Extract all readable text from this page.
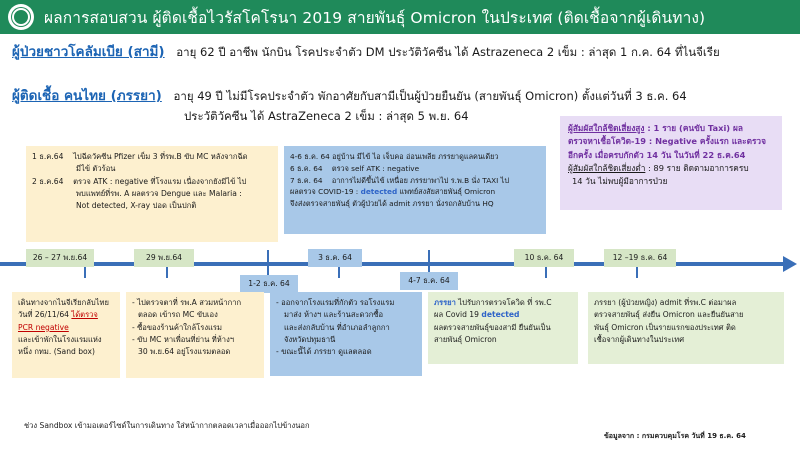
ผลการสอบสวน ผู้ติดเชื้อไวรัสโคโรนา 2019 สายพันธุ์ Omicron ในประเทศ (ติดเชื้อจากผู้เดินทาง)
ผู้ป่วยชาวโคลัมเบีย (สามี) อายุ 62 ปี อาชีพ นักบิน โรคประจำตัว DM ประวัติวัคซีน ได้ Astrazeneca 2 เข็ม : ล่าสุด 1 ก.ค. 64 ที่ไนจีเรีย
ผู้ติดเชื้อ คนไทย (ภรรยา) อายุ 49 ปี ไม่มีโรคประจำตัว พักอาศัยกับสามีเป็นผู้ป่วยยืนยัน (สายพันธุ์ Omicron) ตั้งแต่วันที่ 3 ธ.ค. 64
ประวัติวัคซีน ได้ AstraZeneca 2 เข็ม : ล่าสุด 5 พ.ย. 64

1 ธ.ค.64 ไปฉีดวัคซีน Pfizer เข็ม 3 ที่รพ.B ขับ MC หลังจากฉีด

มีไข้ ตัวร้อน

2 ธ.ค.64 ตรวจ ATK : negative ที่โรงแรม เนื่องจากยังมีไข้ ไป

พบแพทย์ที่รพ. A ผลตรวจ Dengue และ Malaria :

Not detected, X-ray ปอด เป็นปกติ

4-6 ธ.ค. 64 อยู่บ้าน มีไข้ ไอ เจ็บคอ อ่อนเพลีย ภรรยาดูแลคนเดียว

6 ธ.ค. 64 ตรวจ self ATK : negative

7 ธ.ค. 64 อาการไม่ดีขึ้นไข้ เหนื่อย ภรรยาพาไป ร.พ.B นั่ง TAXI ไป

ผลตรวจ COVID-19 : detected แพทย์สงสัยสายพันธุ์ Omicron

จึงส่งตรวจสายพันธุ์ ตัวผู้ป่วยได้ admit ภรรยา นั่งรถกลับบ้าน HQ

ผู้สัมผัสใกล้ชิดเสี่ยงสูง : 1 ราย (คนขับ Taxi) ผล

ตรวจหาเชื้อโควิด-19 : Negative ครั้งแรก และตรวจ

อีกครั้ง เมื่อครบกักตัว 14 วัน ในวันที่ 22 ธ.ค.64

ผู้สัมผัสใกล้ชิดเสี่ยงต่ำ : 89 ราย ติดตามอาการครบ

14 วัน ไม่พบผู้มีอาการป่วย

26 – 27 พ.ย.64	29 พ.ย.64
1-2 ธ.ค. 64
3 ธ.ค. 64
4-7 ธ.ค. 64
10 ธ.ค. 64	12 –19 ธ.ค. 64

เดินทางจากไนจีเรียกลับไทย

วันที่ 26/11/64 ได้ตรวจ

PCR negative

และเข้าพักในโรงแรมแห่ง

หนึ่ง กทม. (Sand box)

- ไปตรวจตาที่ รพ.A สวมหน้ากาก

ตลอด เข้ารถ MC ขับเอง

- ซื้อของร้านค้าใกล้โรงแรม

- ขับ MC หาเพื่อนที่ย่าน ที่ห้างฯ

30 พ.ย.64 อยู่โรงแรมตลอด

- ออกจากโรงแรมที่กักตัว รอโรงแรม

มาส่ง ห้างฯ และร้านสะดวกซื้อ

และส่งกลับบ้าน ที่อำเภอลำลูกกา

จังหวัดปทุมธานี

- ขณะนี้ได้ ภรรยา ดูแลตลอด

ภรรยา ไปรับการตรวจโควิด ที่ รพ.C

ผล Covid 19 detected

ผลตรวจสายพันธุ์ของสามี ยืนยันเป็น

สายพันธุ์ Omicron

ภรรยา (ผู้ป่วยหญิง) admit ที่รพ.C ต่อมาผล

ตรวจสายพันธุ์ ส่งยืน Omicron และยืนยันสาย

พันธุ์ Omicron เป็นรายแรกของประเทศ ติด

เชื้อจากผู้เดินทางในประเทศ

ช่วง Sandbox เข้ามอเตอร์ไซด์ในการเดินทาง ใส่หน้ากากตลอดเวลาเมื่อออกไปข้างนอก
ข้อมูลจาก : กรมควบคุมโรค วันที่ 19 ธ.ค. 64
